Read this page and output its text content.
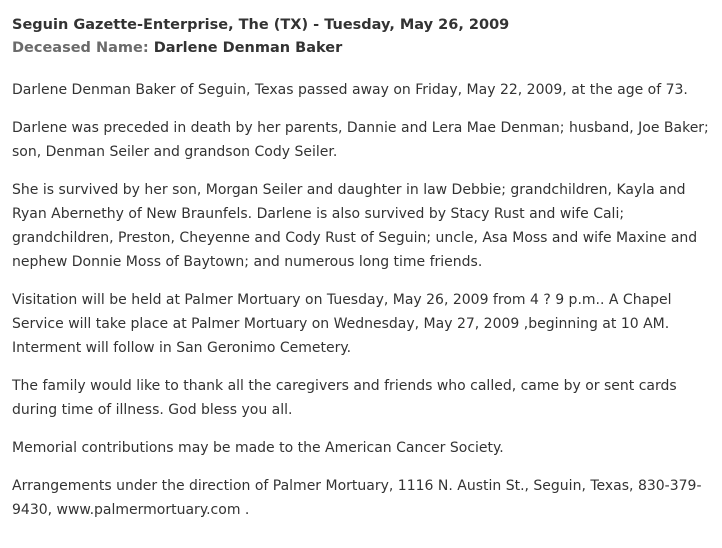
Seguin Gazette-Enterprise, The (TX) - Tuesday, May 26, 2009
Deceased Name: Darlene Denman Baker

Darlene Denman Baker of Seguin, Texas passed away on Friday, May 22, 2009, at the age of 73.

Darlene was preceded in death by her parents, Dannie and Lera Mae Denman; husband, Joe Baker; son, Denman Seiler and grandson Cody Seiler.

She is survived by her son, Morgan Seiler and daughter in law Debbie; grandchildren, Kayla and Ryan Abernethy of New Braunfels. Darlene is also survived by Stacy Rust and wife Cali; grandchildren, Preston, Cheyenne and Cody Rust of Seguin; uncle, Asa Moss and wife Maxine and nephew Donnie Moss of Baytown; and numerous long time friends.

Visitation will be held at Palmer Mortuary on Tuesday, May 26, 2009 from 4 ? 9 p.m.. A Chapel Service will take place at Palmer Mortuary on Wednesday, May 27, 2009 ,beginning at 10 AM. Interment will follow in San Geronimo Cemetery.

The family would like to thank all the caregivers and friends who called, came by or sent cards during time of illness. God bless you all.

Memorial contributions may be made to the American Cancer Society.

Arrangements under the direction of Palmer Mortuary, 1116 N. Austin St., Seguin, Texas, 830-379-9430, www.palmermortuary.com .
